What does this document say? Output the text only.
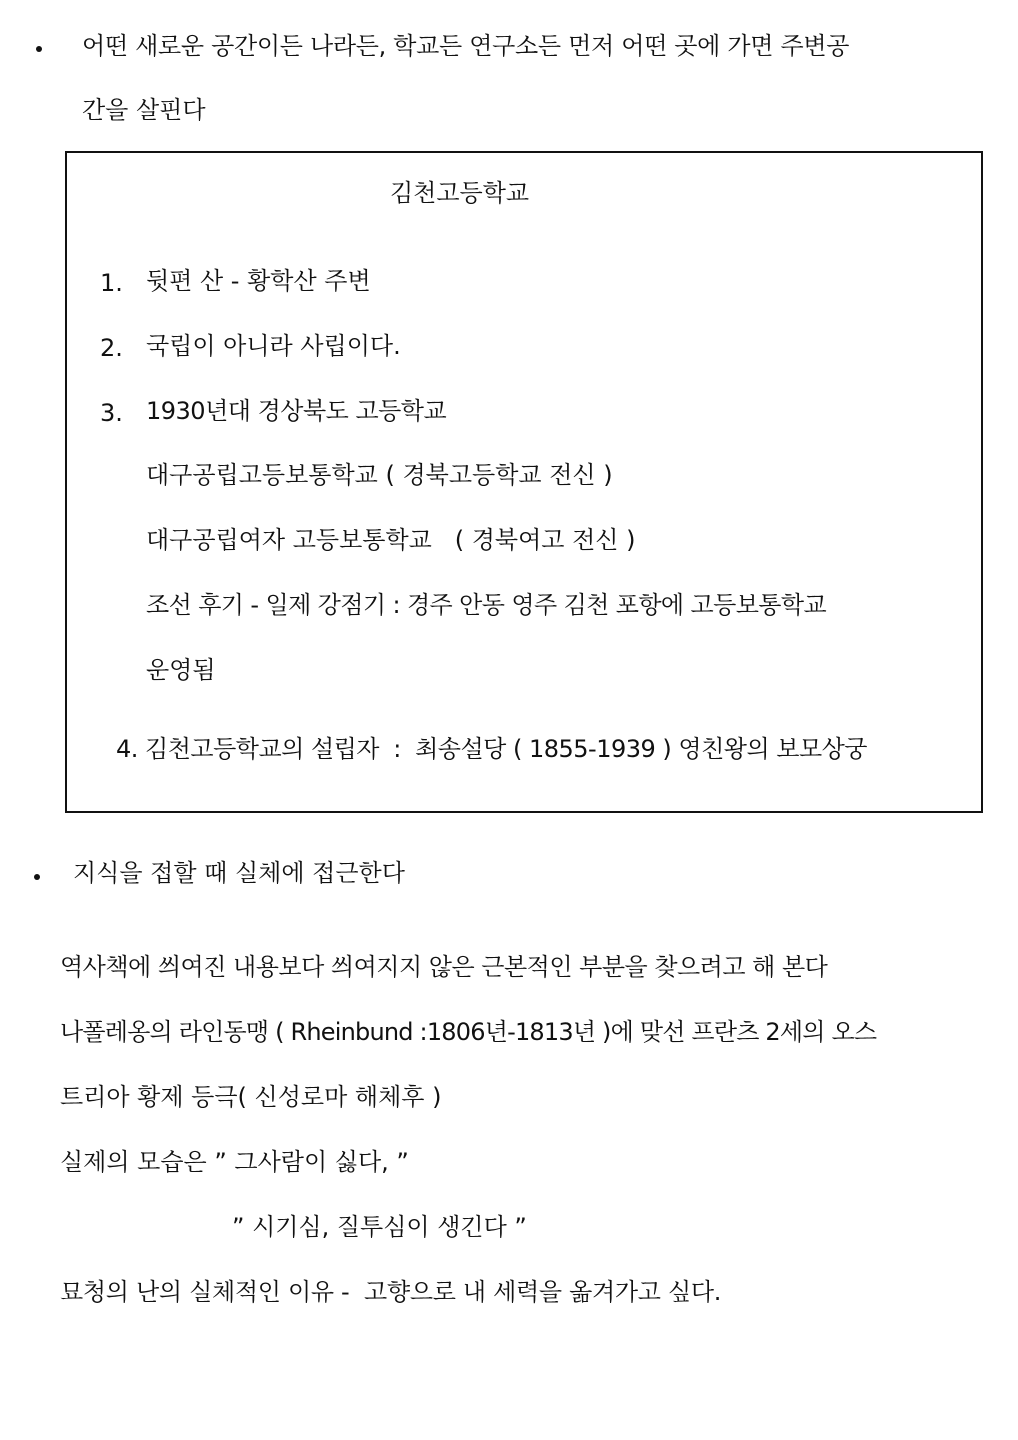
어떤 새로운 공간이든 나라든, 학교든 연구소든 먼저 어떤 곳에 가면 주변공
간을 살핀다
김천고등학교
1. 뒷편 산 - 황학산 주변
2. 국립이 아니라 사립이다.
3. 1930년대 경상북도 고등학교
대구공립고등보통학교 ( 경북고등학교 전신 )
대구공립여자 고등보통학교   ( 경북여고 전신 )
조선 후기 - 일제 강점기 : 경주 안동 영주 김천 포항에 고등보통학교
운영됨
4. 김천고등학교의 설립자  :  최송설당 ( 1855-1939 ) 영친왕의 보모상궁
지식을 접할 때 실체에 접근한다
역사책에 씌여진 내용보다 씌여지지 않은 근본적인 부분을 찾으려고 해 본다
나폴레옹의 라인동맹 ( Rheinbund :1806년-1813년 )에 맞선 프란츠 2세의 오스
트리아 황제 등극( 신성로마 해체후 )
실제의 모습은 ” 그사람이 싫다, ”
” 시기심, 질투심이 생긴다 ”
묘청의 난의 실체적인 이유 -  고향으로 내 세력을 옮겨가고 싶다.
